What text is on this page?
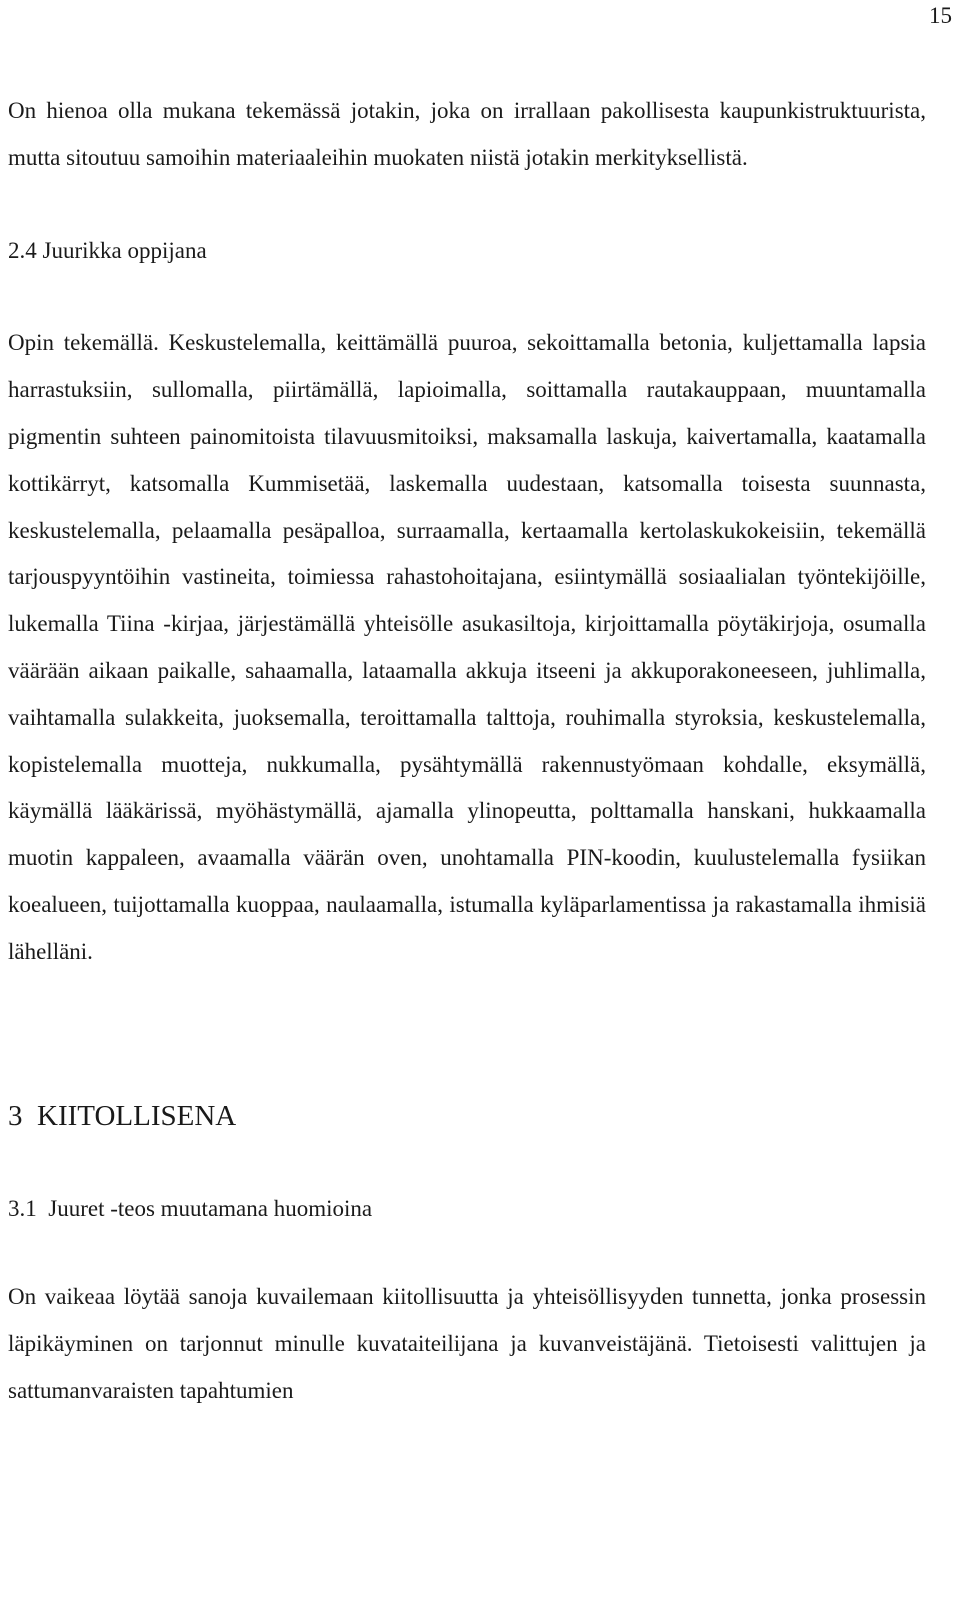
15

On hienoa olla mukana tekemässä jotakin, joka on irrallaan pakollisesta kaupunkistruktuurista, mutta sitoutuu samoihin materiaaleihin muokaten niistä jotakin merkityksellistä.

2.4 Juurikka oppijana

Opin tekemällä. Keskustelemalla, keittämällä puuroa, sekoittamalla betonia, kuljettamalla lapsia harrastuksiin, sullomalla, piirtämällä, lapioimalla, soittamalla rautakauppaan, muuntamalla pigmentin suhteen painomitoista tilavuusmitoiksi, maksamalla laskuja, kaivertamalla, kaatamalla kottikärryt, katsomalla Kummisetää, laskemalla uudestaan, katsomalla toisesta suunnasta, keskustelemalla, pelaamalla pesäpalloa, surraamalla, kertaamalla kertolaskukokeisiin, tekemällä tarjouspyyntöihin vastineita, toimiessa rahastohoitajana, esiintymällä sosiaalialan työntekijöille, lukemalla Tiina -kirjaa, järjestämällä yhteisölle asukasiltoja, kirjoittamalla pöytäkirjoja, osumalla väärään aikaan paikalle, sahaamalla, lataamalla akkuja itseeni ja akkuporakoneeseen, juhlimalla, vaihtamalla sulakkeita, juoksemalla, teroittamalla talttoja, rouhimalla styroksia, keskustelemalla, kopistelemalla muotteja, nukkumalla, pysähtymällä rakennustyömaan kohdalle, eksymällä, käymällä lääkärissä, myöhästymällä, ajamalla ylinopeutta, polttamalla hanskani, hukkaamalla muotin kappaleen, avaamalla väärän oven, unohtamalla PIN-koodin, kuulustelemalla fysiikan koealueen, tuijottamalla kuoppaa, naulaamalla, istumalla kyläparlamentissa ja rakastamalla ihmisiä lähelläni.

3  KIITOLLISENA
3.1  Juuret -teos muutamana huomioina

On vaikeaa löytää sanoja kuvailemaan kiitollisuutta ja yhteisöllisyyden tunnetta, jonka prosessin läpikäyminen on tarjonnut minulle kuvataiteilijana ja kuvanveistäjänä. Tietoisesti valittujen ja sattumanvaraisten tapahtumien
